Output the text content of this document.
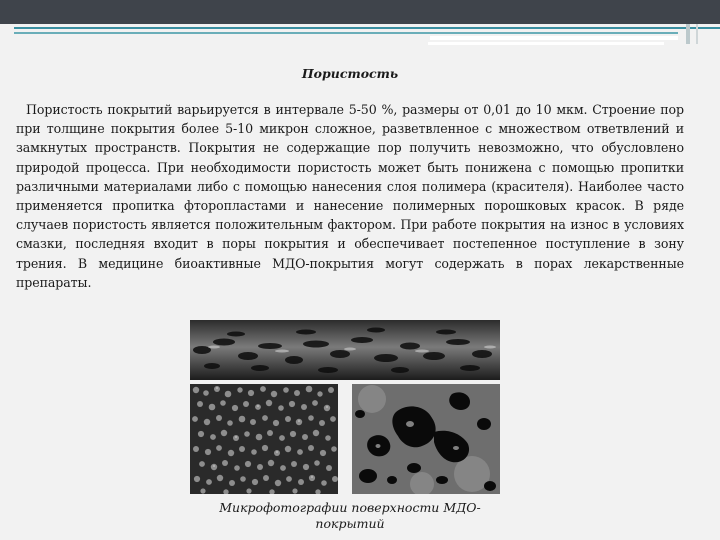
Пористость
Пористость покрытий варьируется в интервале 5-50 %, размеры от 0,01 до 10 мкм. Строение пор при толщине покрытия более 5-10 микрон сложное, разветвленное с множеством ответвлений и замкнутых пространств. Покрытия не содержащие пор получить невозможно, что обусловлено природой процесса. При необходимости пористость может быть понижена с помощью пропитки различными материалами либо с помощью нанесения слоя полимера (красителя). Наиболее часто применяется пропитка фторопластами и нанесение полимерных порошковых красок. В ряде случаев пористость является положительным фактором. При работе покрытия на износ в условиях смазки, последняя входит в поры покрытия и обеспечивает постепенное поступление в зону трения. В медицине биоактивные МДО-покрытия могут содержать в порах лекарственные препараты.
Микрофотографии поверхности МДО-покрытий
